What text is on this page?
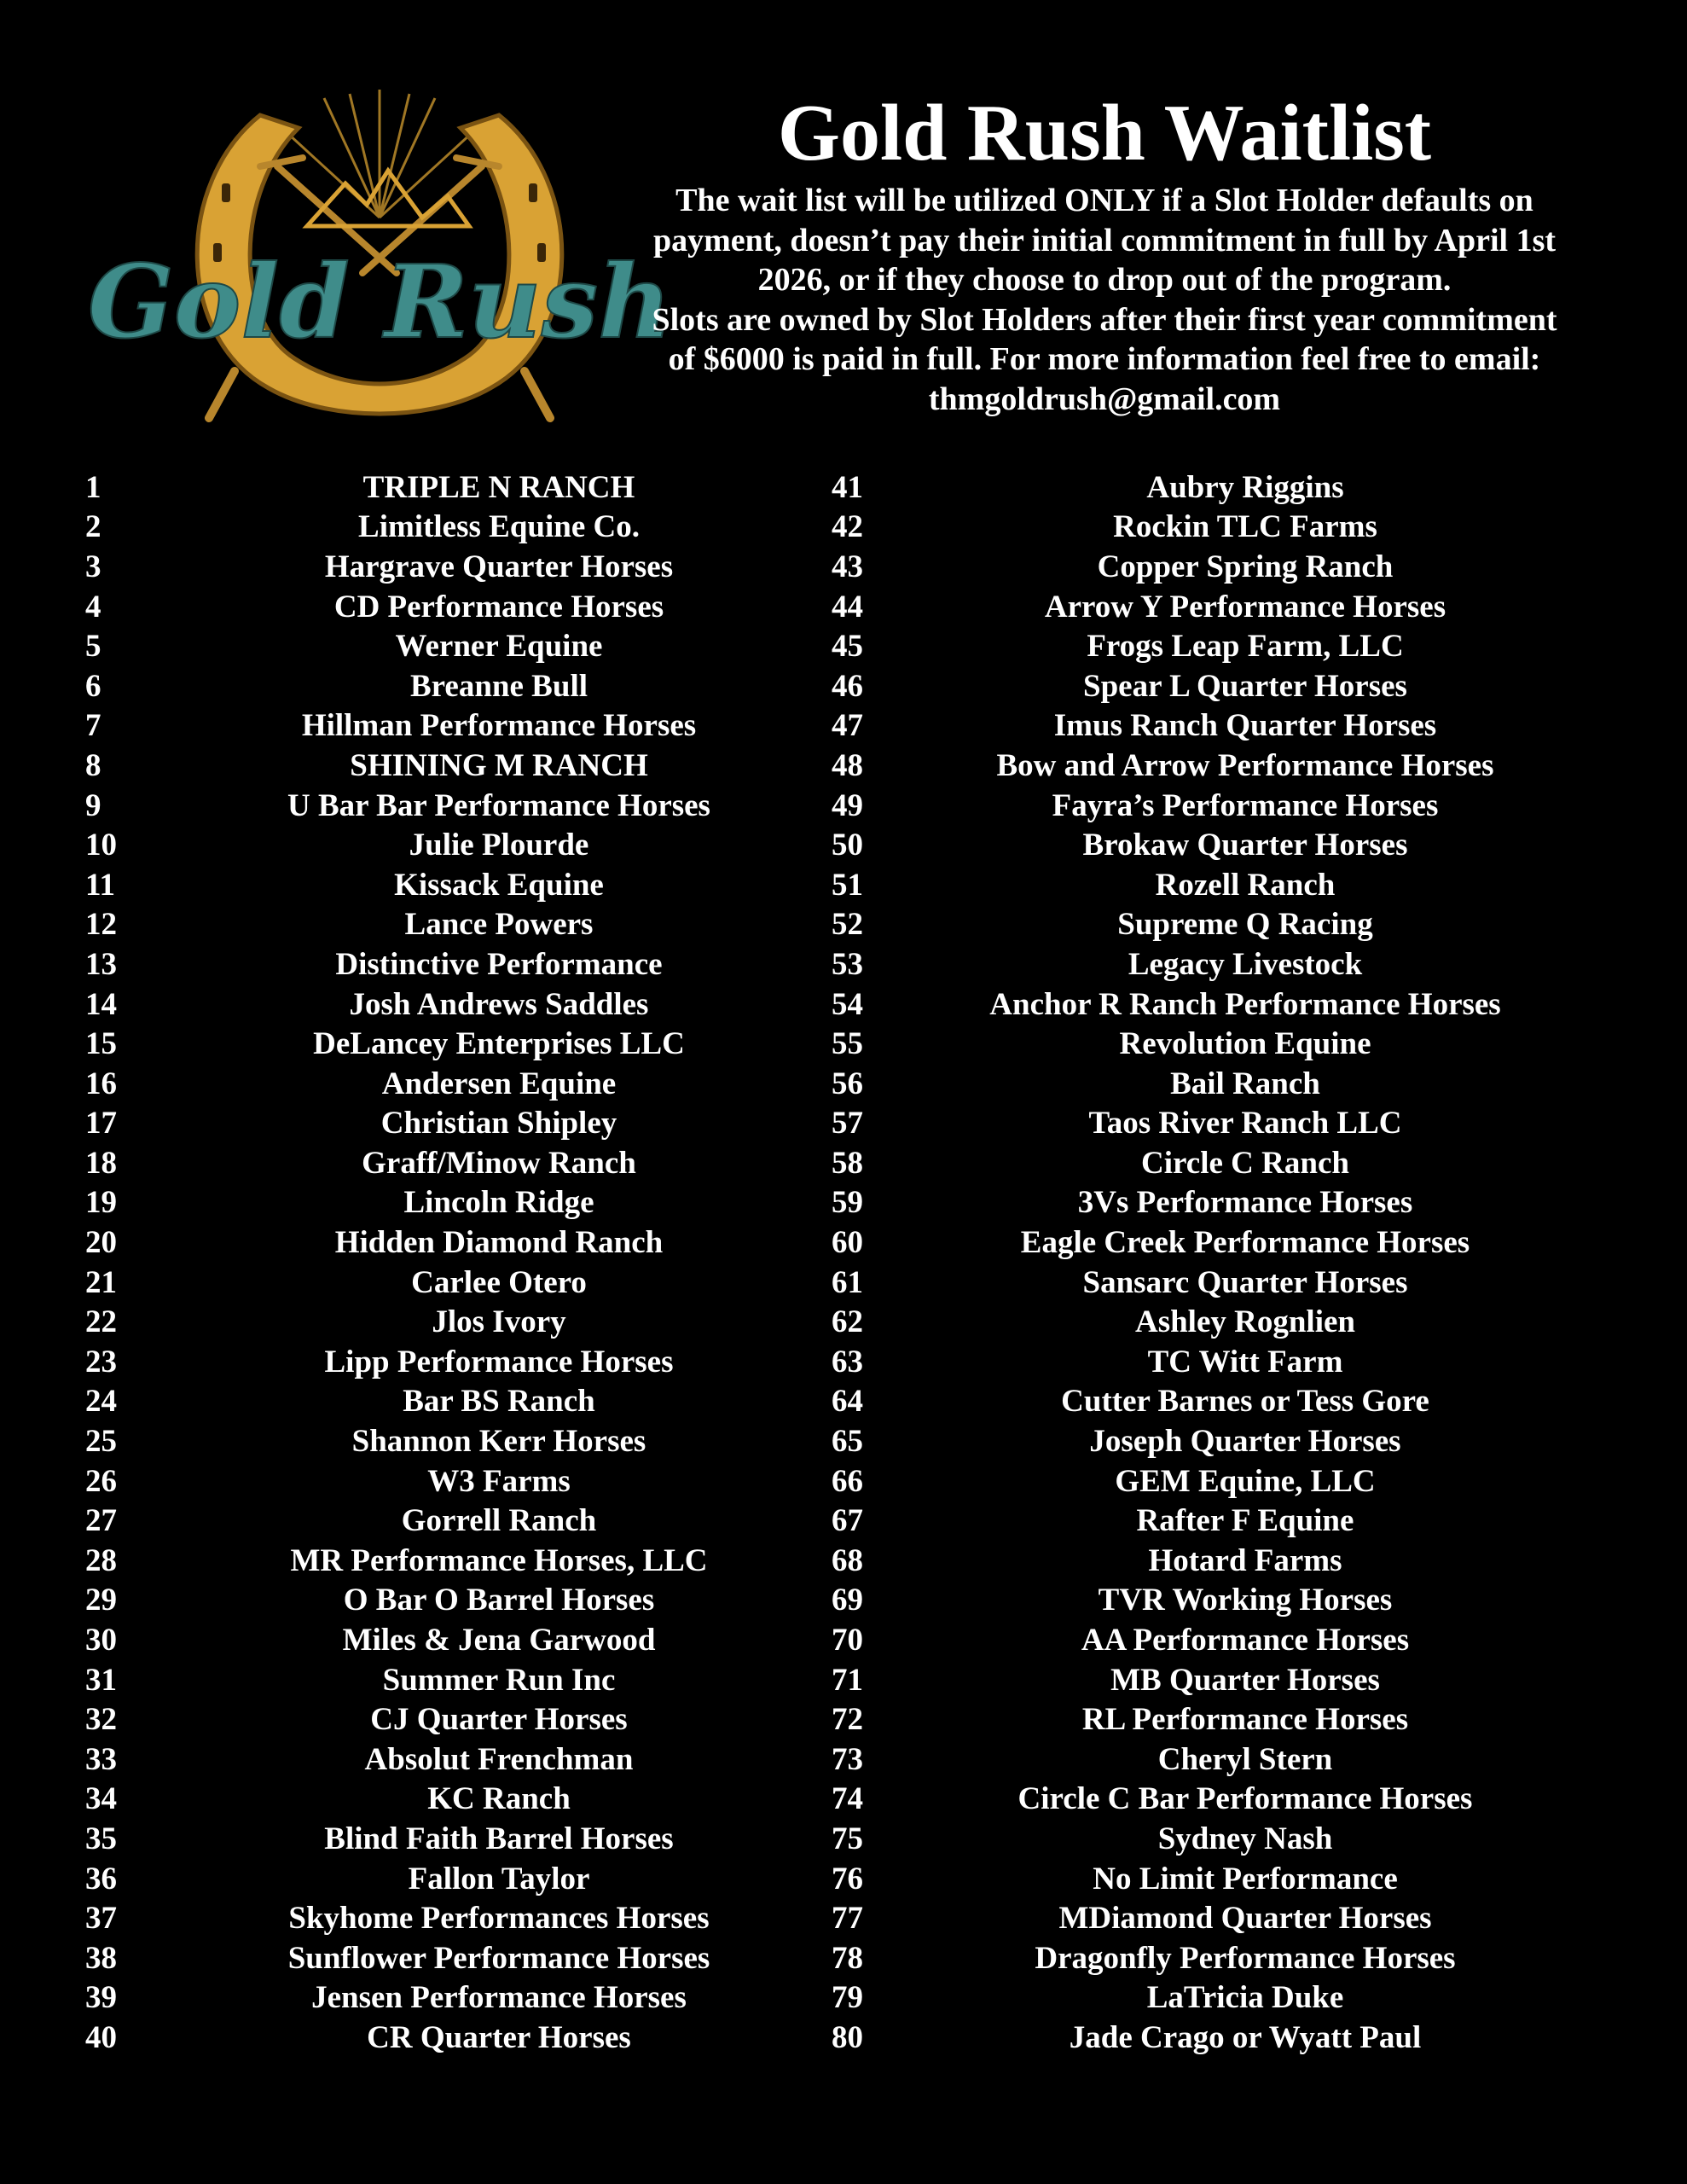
Gold Rush
Gold Rush Waitlist
The wait list will be utilized ONLY if a Slot Holder defaults on
payment, doesn’t pay their initial commitment in full by April 1st
2026, or if they choose to drop out of the program.
Slots are owned by Slot Holders after their first year commitment
of $6000 is paid in full. For more information feel free to email:
thmgoldrush@gmail.com
1	TRIPLE N RANCH
2	Limitless Equine Co.
3	Hargrave Quarter Horses
4	CD Performance Horses
5	Werner Equine
6	Breanne Bull
7	Hillman Performance Horses
8	SHINING M RANCH
9	U Bar Bar Performance Horses
10	Julie Plourde
11	Kissack Equine
12	Lance Powers
13	Distinctive Performance
14	Josh Andrews Saddles
15	DeLancey Enterprises LLC
16	Andersen Equine
17	Christian Shipley
18	Graff/Minow Ranch
19	Lincoln Ridge
20	Hidden Diamond Ranch
21	Carlee Otero
22	Jlos Ivory
23	Lipp Performance Horses
24	Bar BS Ranch
25	Shannon Kerr Horses
26	W3 Farms
27	Gorrell Ranch
28	MR Performance Horses, LLC
29	O Bar O Barrel Horses
30	Miles & Jena Garwood
31	Summer Run Inc
32	CJ Quarter Horses
33	Absolut Frenchman
34	KC Ranch
35	Blind Faith Barrel Horses
36	Fallon Taylor
37	Skyhome Performances Horses
38	Sunflower Performance Horses
39	Jensen Performance Horses
40	CR Quarter Horses
41	Aubry Riggins
42	Rockin TLC Farms
43	Copper Spring Ranch
44	Arrow Y Performance Horses
45	Frogs Leap Farm, LLC
46	Spear L Quarter Horses
47	Imus Ranch Quarter Horses
48	Bow and Arrow Performance Horses
49	Fayra’s Performance Horses
50	Brokaw Quarter Horses
51	Rozell Ranch
52	Supreme Q Racing
53	Legacy Livestock
54	Anchor R Ranch Performance Horses
55	Revolution Equine
56	Bail Ranch
57	Taos River Ranch LLC
58	Circle C Ranch
59	3Vs Performance Horses
60	Eagle Creek Performance Horses
61	Sansarc Quarter Horses
62	Ashley Rognlien
63	TC Witt Farm
64	Cutter Barnes or Tess Gore
65	Joseph Quarter Horses
66	GEM Equine, LLC
67	Rafter F Equine
68	Hotard Farms
69	TVR Working Horses
70	AA Performance Horses
71	MB Quarter Horses
72	RL Performance Horses
73	Cheryl Stern
74	Circle C Bar Performance Horses
75	Sydney Nash
76	No Limit Performance
77	MDiamond Quarter Horses
78	Dragonfly Performance Horses
79	LaTricia Duke
80	Jade Crago or Wyatt Paul
